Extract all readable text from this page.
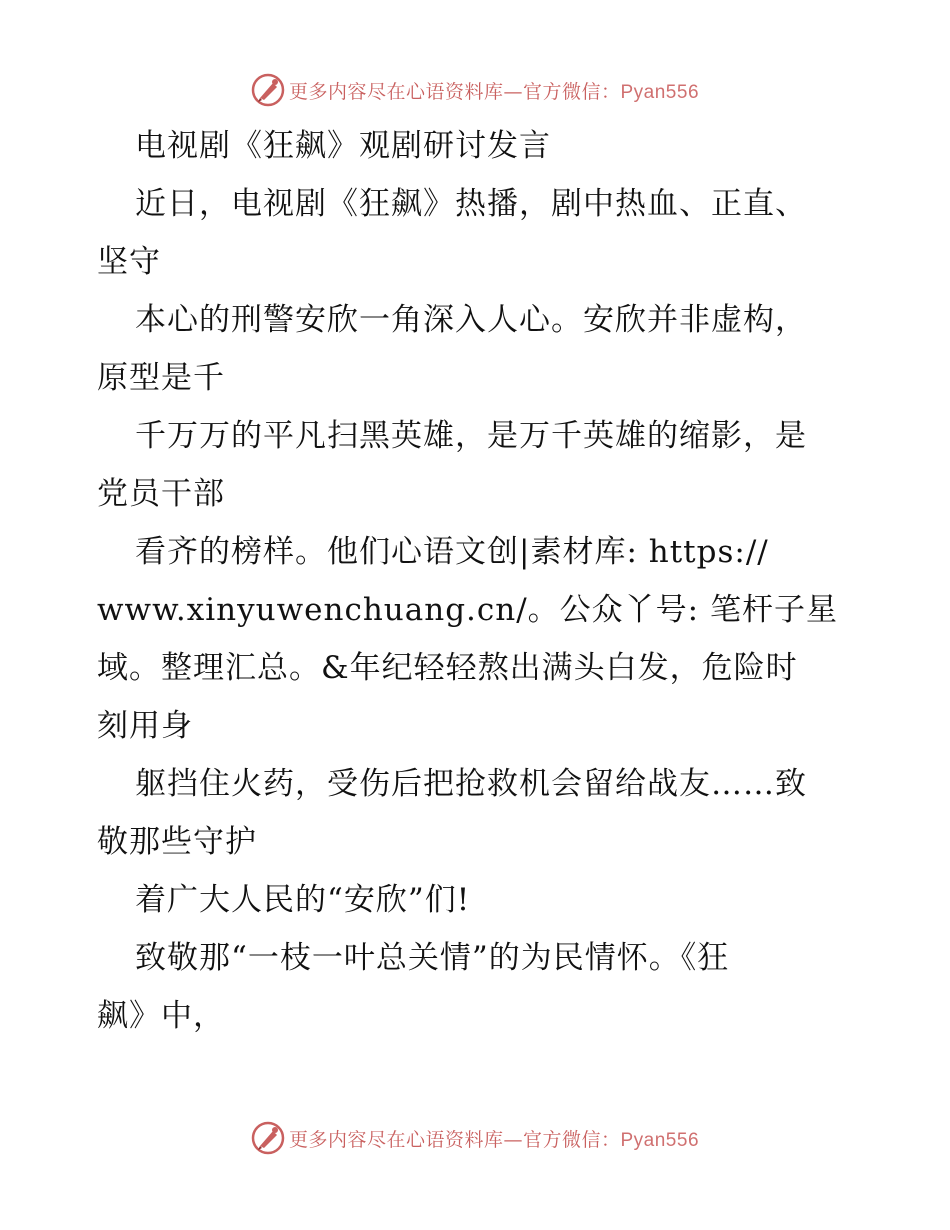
更多内容尽在心语资料库—官方微信：Pyan556
电视剧《狂飙》观剧研讨发言
近日，电视剧《狂飙》热播，剧中热血、正直、
坚守
本心的刑警安欣一角深入人心。安欣并非虚构，
原型是千
千万万的平凡扫黑英雄，是万千英雄的缩影，是
党员干部
看齐的榜样。他们心语文创|素材库: https://
www.xinyuwenchuang.cn/。公众丫号: 笔杆子星
域。整理汇总。&年纪轻轻熬出满头白发，危险时
刻用身
躯挡住火药，受伤后把抢救机会留给战友……致
敬那些守护
着广大人民的“安欣”们!
致敬那“一枝一叶总关情”的为民情怀。《狂
飙》中，
更多内容尽在心语资料库—官方微信：Pyan556
